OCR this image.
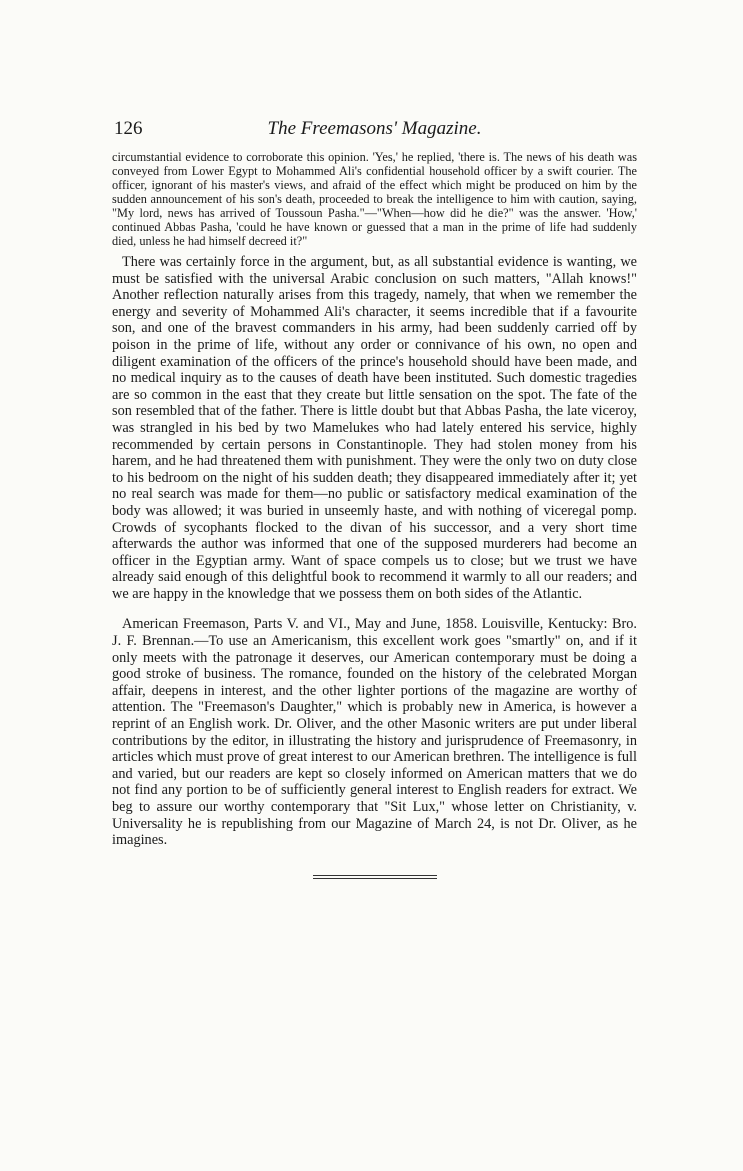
126	The Freemasons' Magazine.

circumstantial evidence to corroborate this opinion. 'Yes,' he replied, 'there is. The news of his death was conveyed from Lower Egypt to Mohammed Ali's confidential household officer by a swift courier. The officer, ignorant of his master's views, and afraid of the effect which might be produced on him by the sudden announcement of his son's death, proceeded to break the intelligence to him with caution, saying, "My lord, news has arrived of Toussoun Pasha."—"When—how did he die?" was the answer. 'How,' continued Abbas Pasha, 'could he have known or guessed that a man in the prime of life had suddenly died, unless he had himself decreed it?"

There was certainly force in the argument, but, as all substantial evidence is wanting, we must be satisfied with the universal Arabic conclusion on such matters, "Allah knows!" Another reflection naturally arises from this tragedy, namely, that when we remember the energy and severity of Mohammed Ali's character, it seems incredible that if a favourite son, and one of the bravest commanders in his army, had been suddenly carried off by poison in the prime of life, without any order or connivance of his own, no open and diligent examination of the officers of the prince's household should have been made, and no medical inquiry as to the causes of death have been instituted. Such domestic tragedies are so common in the east that they create but little sensation on the spot. The fate of the son resembled that of the father. There is little doubt but that Abbas Pasha, the late viceroy, was strangled in his bed by two Mamelukes who had lately entered his service, highly recommended by certain persons in Constantinople. They had stolen money from his harem, and he had threatened them with punishment. They were the only two on duty close to his bedroom on the night of his sudden death; they disappeared immediately after it; yet no real search was made for them—no public or satisfactory medical examination of the body was allowed; it was buried in unseemly haste, and with nothing of viceregal pomp. Crowds of sycophants flocked to the divan of his successor, and a very short time afterwards the author was informed that one of the supposed murderers had become an officer in the Egyptian army. Want of space compels us to close; but we trust we have already said enough of this delightful book to recommend it warmly to all our readers; and we are happy in the knowledge that we possess them on both sides of the Atlantic.

American Freemason, Parts V. and VI., May and June, 1858. Louisville, Kentucky: Bro. J. F. Brennan.—To use an Americanism, this excellent work goes "smartly" on, and if it only meets with the patronage it deserves, our American contemporary must be doing a good stroke of business. The romance, founded on the history of the celebrated Morgan affair, deepens in interest, and the other lighter portions of the magazine are worthy of attention. The "Freemason's Daughter," which is probably new in America, is however a reprint of an English work. Dr. Oliver, and the other Masonic writers are put under liberal contributions by the editor, in illustrating the history and jurisprudence of Freemasonry, in articles which must prove of great interest to our American brethren. The intelligence is full and varied, but our readers are kept so closely informed on American matters that we do not find any portion to be of sufficiently general interest to English readers for extract. We beg to assure our worthy contemporary that "Sit Lux," whose letter on Christianity, v. Universality he is republishing from our Magazine of March 24, is not Dr. Oliver, as he imagines.
